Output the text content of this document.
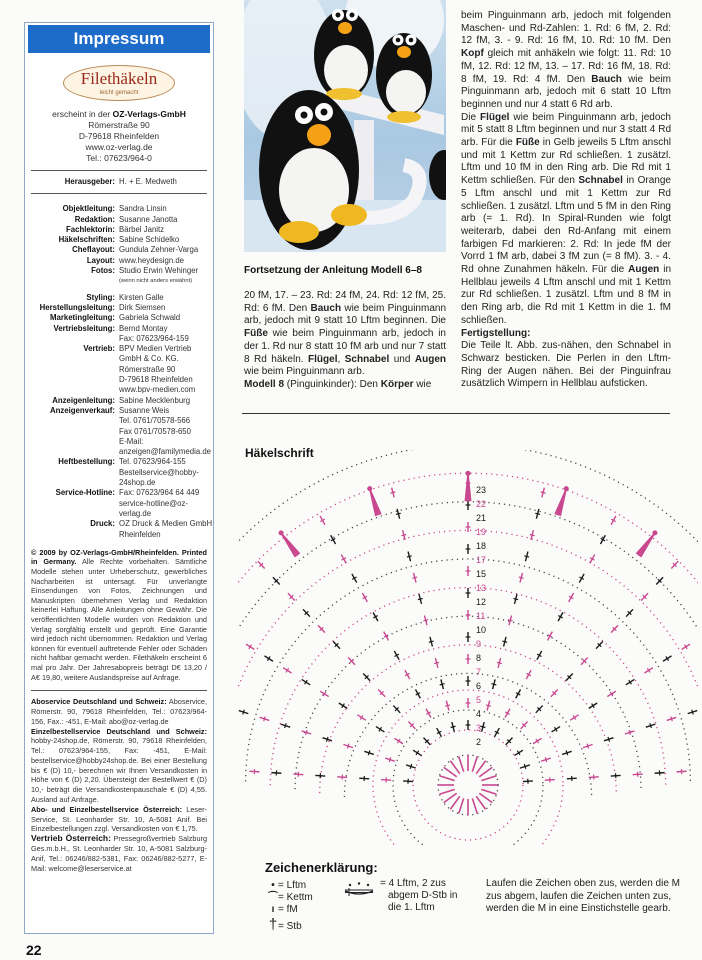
Impressum
Filethäkeln
leicht gemacht
erscheint in der OZ-Verlags-GmbH
Römerstraße 90
D-79618 Rheinfelden
www.oz-verlag.de
Tel.: 07623/964-0
Herausgeber: H. + E. Medweth
Objektleitung: Sandra Linsin
Redaktion: Susanne Janotta
Fachlektorin: Bärbel Janitz
Häkelschriften: Sabine Schidelko
Cheflayout: Gundula Zehner-Varga
Layout: www.heydesign.de
Fotos: Studio Erwin Wehinger
(wenn nicht anders erwähnt)
Styling: Kirsten Galle
Herstellungsleitung: Dirk Siemsen
Marketingleitung: Gabriela Schwald
Vertriebsleitung: Bernd Montay
Fax: 07623/964-159
Vertrieb: BPV Medien Vertrieb
GmbH & Co. KG.
Römerstraße 90
D-79618 Rheinfelden
www.bpv-medien.com
Anzeigenleitung: Sabine Mecklenburg
Anzeigenverkauf: Susanne Weis
Tel. 0761/70578-566
Fax 0761/70578-650
E-Mail: anzeigen@familymedia.de
Heftbestellung: Tel. 07623/964-155
Bestellservice@hobby-
24shop.de
Service-Hotline: Fax: 07623/964 64 449
service-hotline@oz-verlag.de
Druck: OZ Druck & Medien GmbH
Rheinfelden
© 2009 by OZ-Verlags-GmbH/Rheinfelden. Printed in Germany. Alle Rechte vorbehalten. Sämtliche Modelle stehen unter Urheberschutz, gewerbliches Nacharbeiten ist untersagt. Für unverlangte Einsendungen von Fotos, Zeichnungen und Manuskripten übernehmen Verlag und Redaktion keinerlei Haftung. Alle Anleitungen ohne Gewähr. Die veröffentlichten Modelle wurden von Redaktion und Verlag sorgfältig erstellt und geprüft. Eine Garantie wird jedoch nicht übernommen. Redaktion und Verlag können für eventuell auftretende Fehler oder Schäden nicht haftbar gemacht werden. Filethäkeln erscheint 6 mal pro Jahr. Der Jahresabopreis beträgt D€ 13,20 / A€ 19,80, weitere Auslandspreise auf Anfrage.

Aboservice Deutschland und Schweiz: Aboservice, Römerstr. 90, 79618 Rheinfelden, Tel.: 07623/964-156, Fax.: -451, E-Mail: abo@oz-verlag.de

Einzelbestellservice Deutschland und Schweiz: hobby-24shop.de, Römerstr. 90, 79618 Rheinfelden, Tel.: 07623/964-155, Fax: -451, E-Mail: bestellservice@hobby24shop.de. Bei einer Bestellung bis € (D) 10,- berechnen wir Ihnen Versandkosten in Höhe von € (D) 2,20. Übersteigt der Bestellwert € (D) 10,- beträgt die Versandkostenpauschale € (D) 4,55. Ausland auf Anfrage.

Abo- und Einzelbestellservice Österreich: Leser-Service, St. Leonharder Str. 10, A-5081 Anif. Bei Einzelbestellungen zzgl. Versandkosten von € 1,75.

Vertrieb Österreich: Pressegroßvertrieb Salzburg Ges.m.b.H., St. Leonharder Str. 10, A-5081 Salzburg-Anif, Tel.: 06246/882-5381, Fax: 06246/882-5277, E-Mail: welcome@leserservice.at

22
Fortsetzung der Anleitung Modell 6–8
20 fM, 17. – 23. Rd: 24 fM, 24. Rd: 12 fM, 25. Rd: 6 fM. Den Bauch wie beim Pinguinmann arb, jedoch mit 9 statt 10 Lftm beginnen. Die Füße wie beim Pinguinmann arb, jedoch in der 1. Rd nur 8 statt 10 fM arb und nur 7 statt 8 Rd häkeln. Flügel, Schnabel und Augen wie beim Pinguinmann arb.
Modell 8 (Pinguinkinder): Den Körper wie

beim Pinguinmann arb, jedoch mit folgenden Maschen- und Rd-Zahlen: 1. Rd: 6 fM, 2. Rd: 12 fM, 3. - 9. Rd: 16 fM, 10. Rd: 10 fM. Den Kopf gleich mit anhäkeln wie folgt: 11. Rd: 10 fM, 12. Rd: 12 fM, 13. – 17. Rd: 16 fM, 18. Rd: 8 fM, 19. Rd: 4 fM. Den Bauch wie beim Pinguinmann arb, jedoch mit 6 statt 10 Lftm beginnen und nur 4 statt 6 Rd arb.

Die Flügel wie beim Pinguinmann arb, jedoch mit 5 statt 8 Lftm beginnen und nur 3 statt 4 Rd arb. Für die Füße in Gelb jeweils 5 Lftm anschl und mit 1 Kettm zur Rd schließen. 1 zusätzl. Lftm und 10 fM in den Ring arb. Die Rd mit 1 Kettm schließen. Für den Schnabel in Orange 5 Lftm anschl und mit 1 Kettm zur Rd schließen. 1 zusätzl. Lftm und 5 fM in den Ring arb (= 1. Rd). In Spiral-Runden wie folgt weiterarb, dabei den Rd-Anfang mit einem farbigen Fd markieren: 2. Rd: In jede fM der Vorrd 1 fM arb, dabei 3 fM zun (= 8 fM). 3. - 4. Rd ohne Zunahmen häkeln. Für die Augen in Hellblau jeweils 4 Lftm anschl und mit 1 Kettm zur Rd schließen. 1 zusätzl. Lftm und 8 fM in den Ring arb, die Rd mit 1 Kettm in die 1. fM schließen.

Fertigstellung:

Die Teile lt. Abb. zus-nähen, den Schnabel in Schwarz besticken. Die Perlen in den Lftm-Ring der Augen nähen. Bei der Pinguinfrau zusätzlich Wimpern in Hellblau aufsticken.

Häkelschrift
2
3
4
5
6
7
8
9
10
11
12
13
15
17
18
19
21
22
23
Zeichenerklärung:
• = Lftm
⌒= Kettm
ı = fM
†= Stb
= 4 Lftm, 2 zus
abgem D-Stb in
die 1. Lftm
Laufen die Zeichen oben zus, werden die M zus abgem, laufen die Zeichen unten zus, werden die M in eine Einstichstelle gearb.
